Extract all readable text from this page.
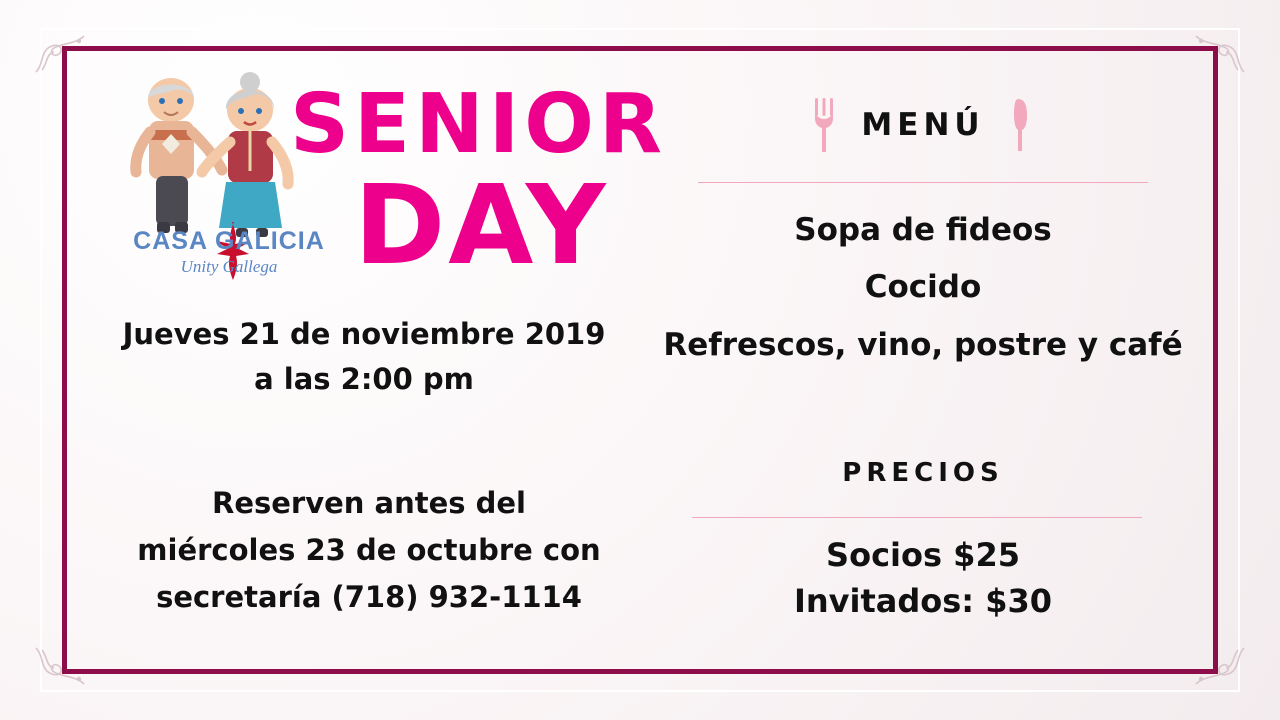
CASA GALICIA
Unity Gallega
SENIOR
DAY
Jueves 21 de noviembre 2019
a las 2:00 pm
Reserven antes del
miércoles 23 de octubre con
secretaría (718) 932-1114
MENÚ
Sopa de fideos
Cocido
Refrescos, vino, postre y café
PRECIOS
Socios $25
Invitados: $30
